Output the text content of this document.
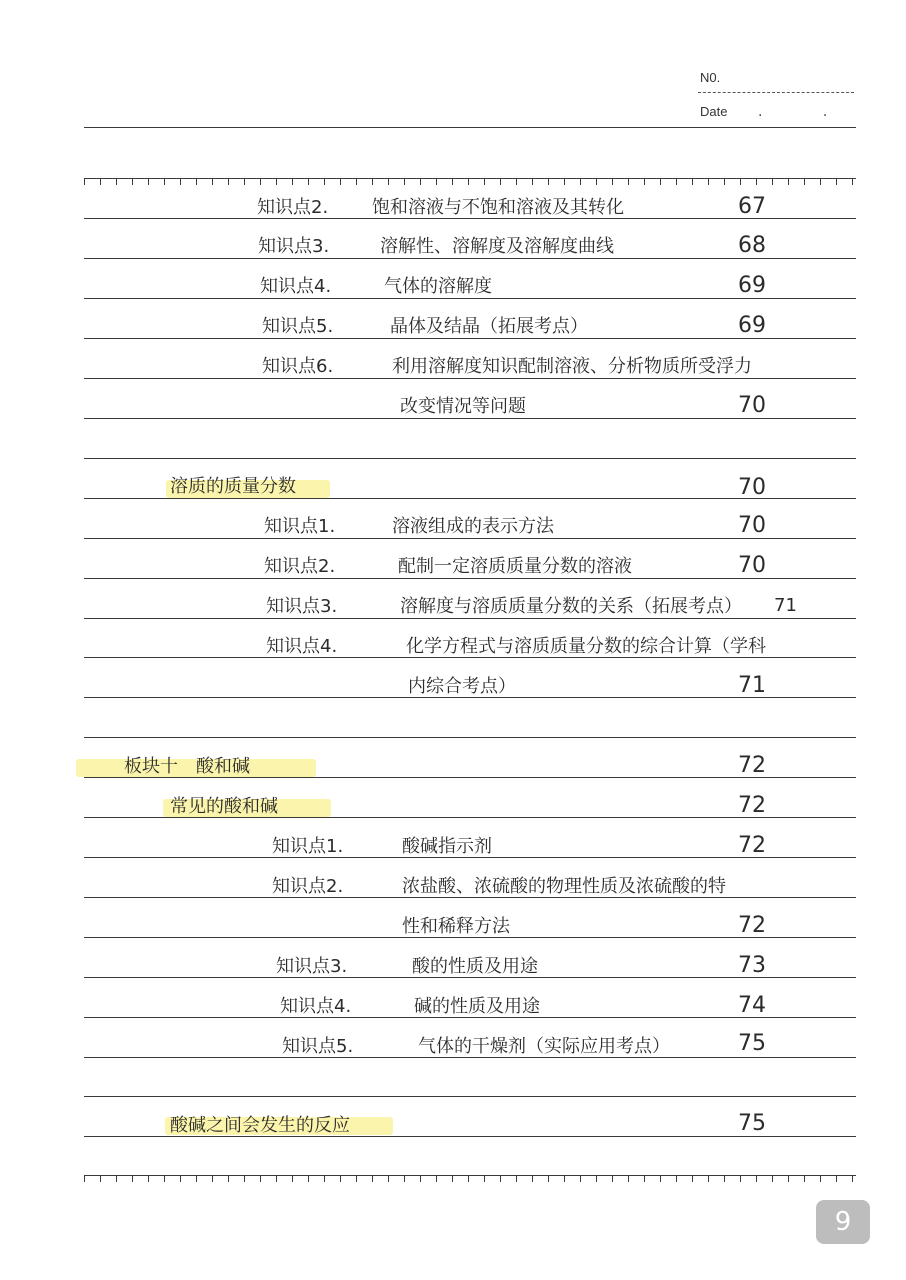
N0.
Date . .
知识点2. 饱和溶液与不饱和溶液及其转化	67
知识点3.	溶解性、溶解度及溶解度曲线	68
知识点4.	气体的溶解度	69
知识点5.	晶体及结晶（拓展考点）	69
知识点6.	利用溶解度知识配制溶液、分析物质所受浮力
改变情况等问题	70
溶质的质量分数	70
知识点1.	溶液组成的表示方法	70
知识点2.	配制一定溶质质量分数的溶液	70
知识点3.	溶解度与溶质质量分数的关系（拓展考点） 71
知识点4.	化学方程式与溶质质量分数的综合计算（学科
内综合考点）	71
板块十　酸和碱	72
常见的酸和碱	72
知识点1.	酸碱指示剂	72
知识点2.	浓盐酸、浓硫酸的物理性质及浓硫酸的特
性和稀释方法	72
知识点3.	酸的性质及用途	73
知识点4.	碱的性质及用途	74
知识点5.	气体的干燥剂（实际应用考点）	75
酸碱之间会发生的反应	75
9
